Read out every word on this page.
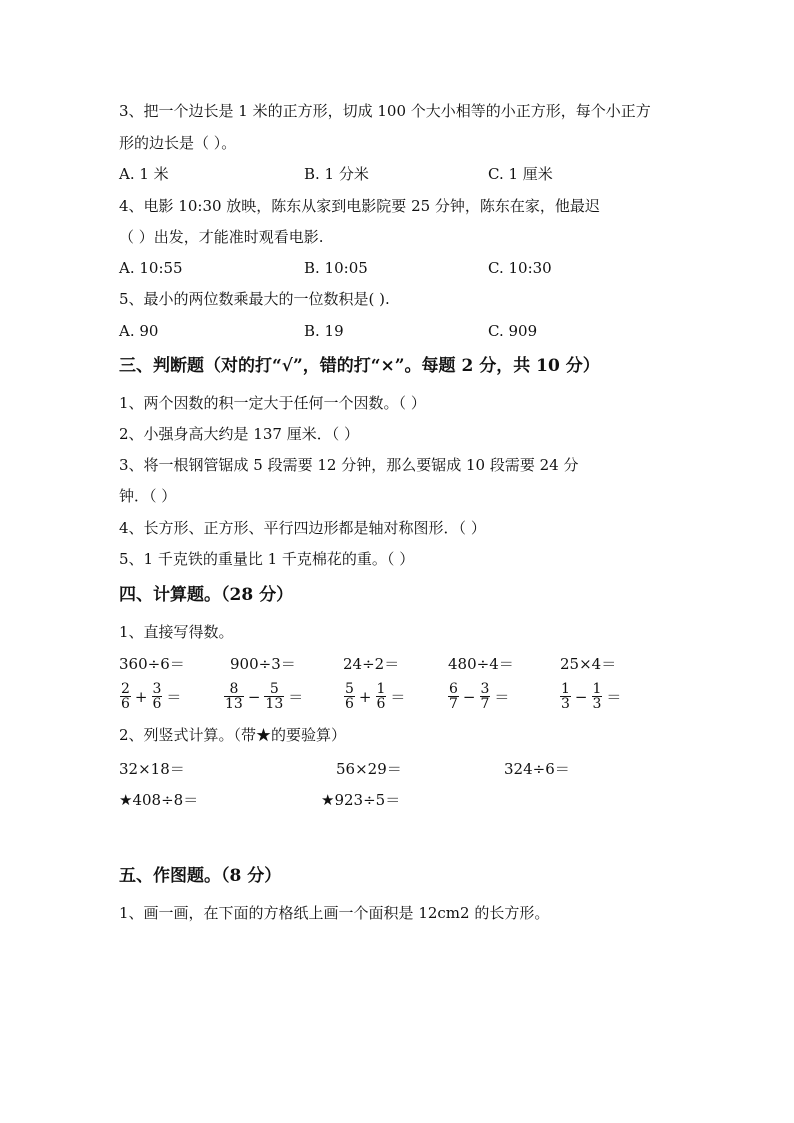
3、把一个边长是 1 米的正方形，切成 100 个大小相等的小正方形，每个小正方
形的边长是（ ）。
A. 1 米	B. 1 分米	C. 1 厘米
4、电影 10:30 放映，陈东从家到电影院要 25 分钟，陈东在家，他最迟
（ ）出发，才能准时观看电影.
A. 10:55	B. 10:05	C. 10:30
5、最小的两位数乘最大的一位数积是( ).
A. 90	B. 19	C. 909
三、判断题（对的打“√”，错的打“×”。每题 2 分，共 10 分）
1、两个因数的积一定大于任何一个因数。（ ）
2、小强身高大约是 137 厘米．（ ）
3、将一根钢管锯成 5 段需要 12 分钟，那么要锯成 10 段需要 24 分
钟．（ ）
4、长方形、正方形、平行四边形都是轴对称图形．（ ）
5、1 千克铁的重量比 1 千克棉花的重。（ ）
四、计算题。（28 分）
1、直接写得数。
360÷6＝	900÷3＝	24÷2＝	480÷4＝	25×4＝
$\frac{2}{6} + \frac{3}{6}$ ＝	$\frac{8}{13} - \frac{5}{13}$ ＝	$\frac{5}{6} + \frac{1}{6}$ ＝	$\frac{6}{7} - \frac{3}{7}$ ＝	$\frac{1}{3} - \frac{1}{3}$ ＝
2、列竖式计算。（带★的要验算）
32×18＝	56×29＝	324÷6＝
★408÷8＝	★923÷5＝
五、作图题。（8 分）
1、画一画，在下面的方格纸上画一个面积是 12cm2 的长方形。
